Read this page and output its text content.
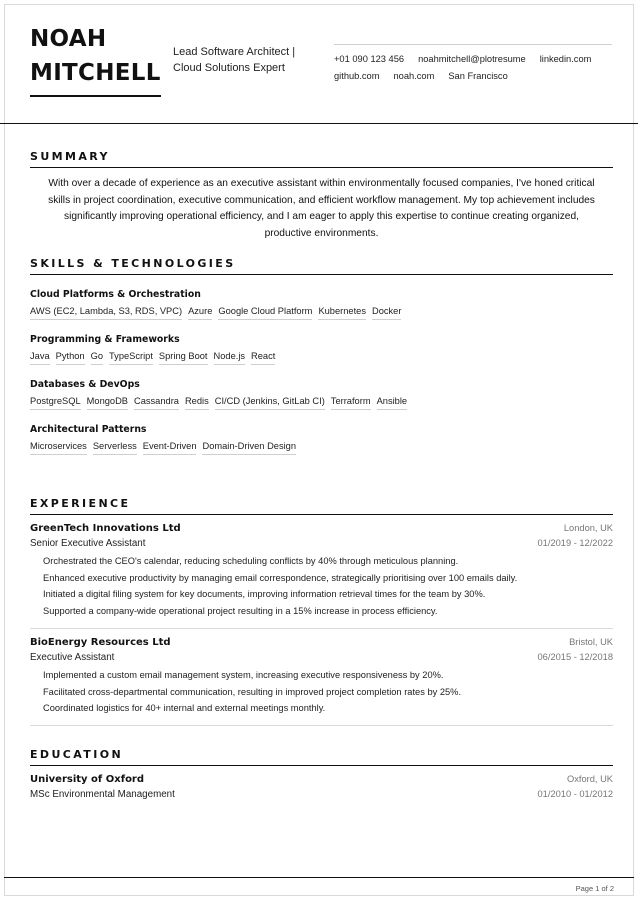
NOAH
MITCHELL
Lead Software Architect |
Cloud Solutions Expert
+01 090 123 456 noahmitchell@plotresume linkedin.com
github.com noah.com San Francisco
SUMMARY

With over a decade of experience as an executive assistant within environmentally focused companies, I've honed critical skills in project coordination, executive communication, and efficient workflow management. My top achievement includes significantly improving operational efficiency, and I am eager to apply this expertise to continue creating organized, productive environments.

SKILLS & TECHNOLOGIES
Cloud Platforms & Orchestration
AWS (EC2, Lambda, S3, RDS, VPC) Azure Google Cloud Platform Kubernetes Docker
Programming & Frameworks
Java Python Go TypeScript Spring Boot Node.js React
Databases & DevOps
PostgreSQL MongoDB Cassandra Redis CI/CD (Jenkins, GitLab CI) Terraform Ansible
Architectural Patterns
Microservices Serverless Event-Driven Domain-Driven Design
EXPERIENCE
GreenTech Innovations Ltd	London, UK
Senior Executive Assistant	01/2019 - 12/2022
Orchestrated the CEO's calendar, reducing scheduling conflicts by 40% through meticulous planning.
Enhanced executive productivity by managing email correspondence, strategically prioritising over 100 emails daily.
Initiated a digital filing system for key documents, improving information retrieval times for the team by 30%.
Supported a company-wide operational project resulting in a 15% increase in process efficiency.
BioEnergy Resources Ltd	Bristol, UK
Executive Assistant	06/2015 - 12/2018
Implemented a custom email management system, increasing executive responsiveness by 20%.
Facilitated cross-departmental communication, resulting in improved project completion rates by 25%.
Coordinated logistics for 40+ internal and external meetings monthly.
EDUCATION
University of Oxford	Oxford, UK
MSc Environmental Management	01/2010 - 01/2012
Page 1 of 2
